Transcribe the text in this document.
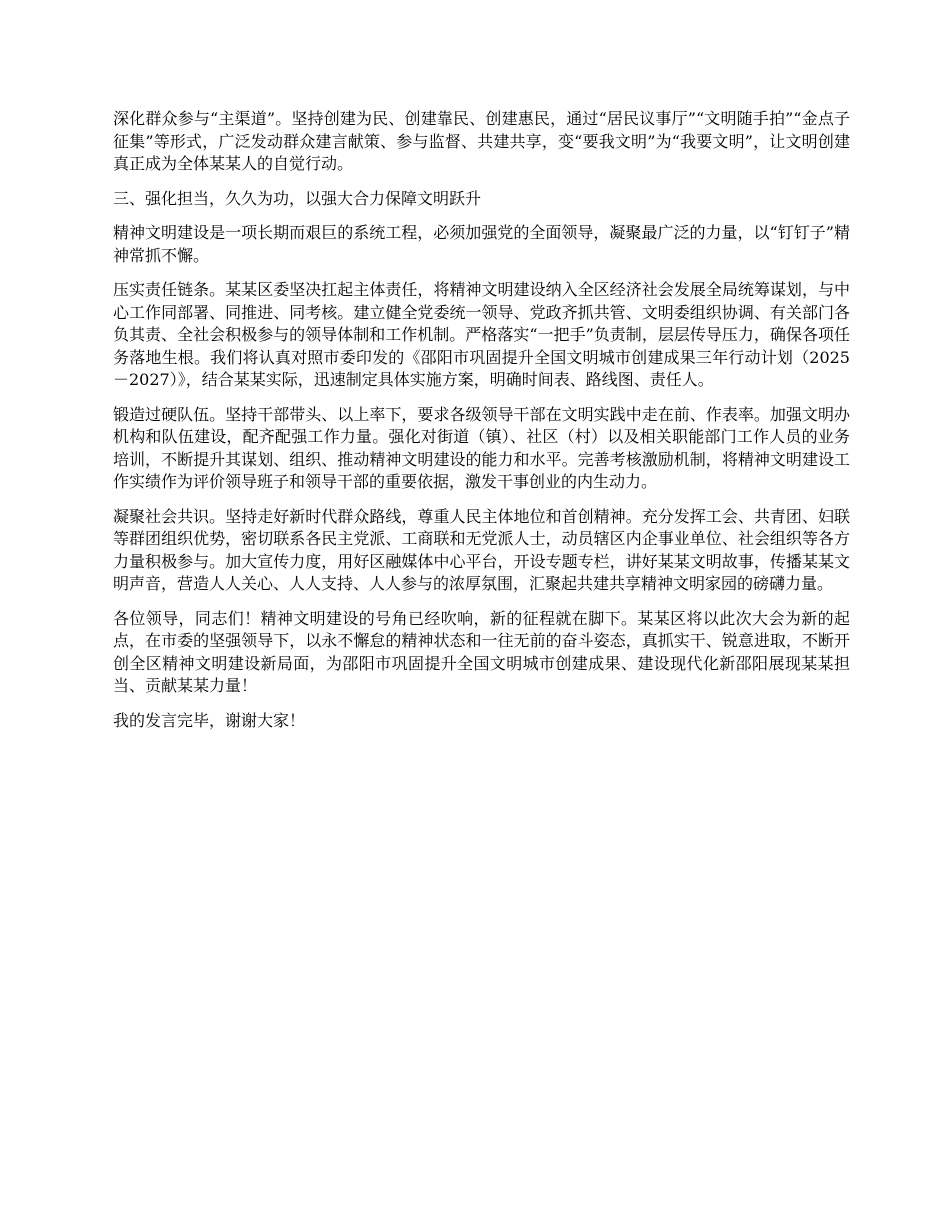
深化群众参与“主渠道”。坚持创建为民、创建靠民、创建惠民，通过“居民议事厅”“文明随手拍”“金点子征集”等形式，广泛发动群众建言献策、参与监督、共建共享，变“要我文明”为“我要文明”，让文明创建真正成为全体某某人的自觉行动。

三、强化担当，久久为功，以强大合力保障文明跃升

精神文明建设是一项长期而艰巨的系统工程，必须加强党的全面领导，凝聚最广泛的力量，以“钉钉子”精神常抓不懈。

压实责任链条。某某区委坚决扛起主体责任，将精神文明建设纳入全区经济社会发展全局统筹谋划，与中心工作同部署、同推进、同考核。建立健全党委统一领导、党政齐抓共管、文明委组织协调、有关部门各负其责、全社会积极参与的领导体制和工作机制。严格落实“一把手”负责制，层层传导压力，确保各项任务落地生根。我们将认真对照市委印发的《邵阳市巩固提升全国文明城市创建成果三年行动计划（2025－2027）》，结合某某实际，迅速制定具体实施方案，明确时间表、路线图、责任人。

锻造过硬队伍。坚持干部带头、以上率下，要求各级领导干部在文明实践中走在前、作表率。加强文明办机构和队伍建设，配齐配强工作力量。强化对街道（镇）、社区（村）以及相关职能部门工作人员的业务培训，不断提升其谋划、组织、推动精神文明建设的能力和水平。完善考核激励机制，将精神文明建设工作实绩作为评价领导班子和领导干部的重要依据，激发干事创业的内生动力。

凝聚社会共识。坚持走好新时代群众路线，尊重人民主体地位和首创精神。充分发挥工会、共青团、妇联等群团组织优势，密切联系各民主党派、工商联和无党派人士，动员辖区内企事业单位、社会组织等各方力量积极参与。加大宣传力度，用好区融媒体中心平台，开设专题专栏，讲好某某文明故事，传播某某文明声音，营造人人关心、人人支持、人人参与的浓厚氛围，汇聚起共建共享精神文明家园的磅礴力量。

各位领导，同志们！精神文明建设的号角已经吹响，新的征程就在脚下。某某区将以此次大会为新的起点，在市委的坚强领导下，以永不懈怠的精神状态和一往无前的奋斗姿态，真抓实干、锐意进取，不断开创全区精神文明建设新局面，为邵阳市巩固提升全国文明城市创建成果、建设现代化新邵阳展现某某担当、贡献某某力量！

我的发言完毕，谢谢大家！
